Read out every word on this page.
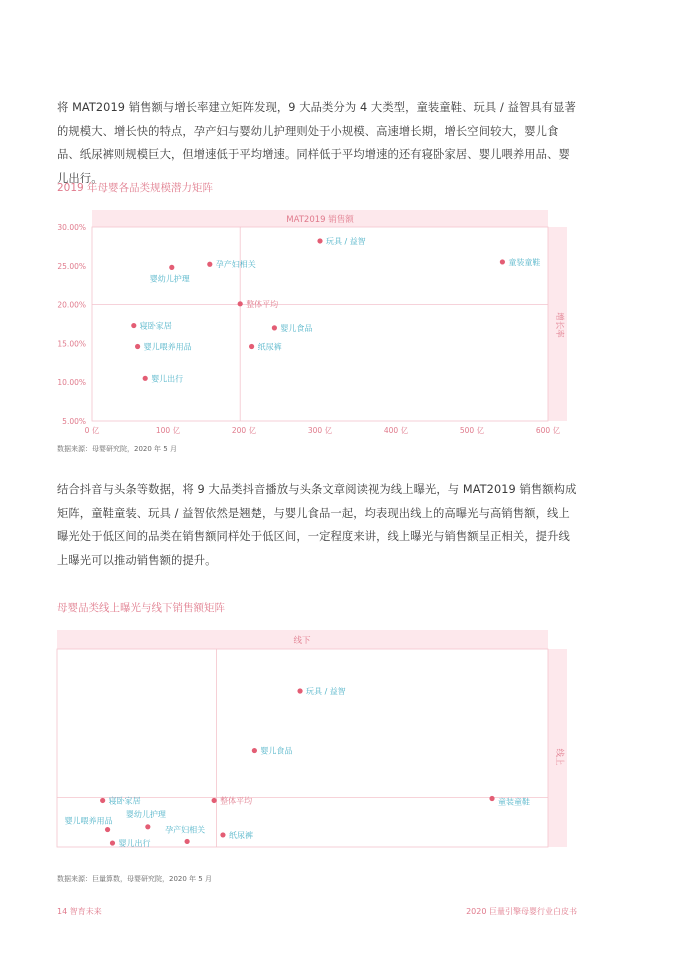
将 MAT2019 销售额与增长率建立矩阵发现，9 大品类分为 4 大类型，童装童鞋、玩具 / 益智具有显著的规模大、增长快的特点，孕产妇与婴幼儿护理则处于小规模、高速增长期，增长空间较大，婴儿食品、纸尿裤则规模巨大，但增速低于平均增速。同样低于平均增速的还有寝卧家居、婴儿喂养用品、婴儿出行。

2019 年母婴各品类规模潜力矩阵
MAT2019 销售额
增长率
0 亿	100 亿	200 亿	300 亿	400 亿	500 亿	600 亿
5.00%
10.00%
15.00%
20.00%
25.00%
30.00%
玩具 / 益智
童装童鞋
孕产妇相关
婴幼儿护理
整体平均
寝卧家居	婴儿食品
婴儿喂养用品	纸尿裤
婴儿出行
数据来源：母婴研究院，2020 年 5 月

结合抖音与头条等数据，将 9 大品类抖音播放与头条文章阅读视为线上曝光，与 MAT2019 销售额构成矩阵，童鞋童装、玩具 / 益智依然是翘楚，与婴儿食品一起，均表现出线上的高曝光与高销售额，线上曝光处于低区间的品类在销售额同样处于低区间，一定程度来讲，线上曝光与销售额呈正相关，提升线上曝光可以推动销售额的提升。

母婴品类线上曝光与线下销售额矩阵
线下
线上
玩具 / 益智
婴儿食品
寝卧家居	整体平均	童装童鞋
婴儿喂养用品
婴幼儿护理
孕产妇相关
纸尿裤
婴儿出行
数据来源：巨量算数，母婴研究院，2020 年 5 月
14 智育未来	2020 巨量引擎母婴行业白皮书
